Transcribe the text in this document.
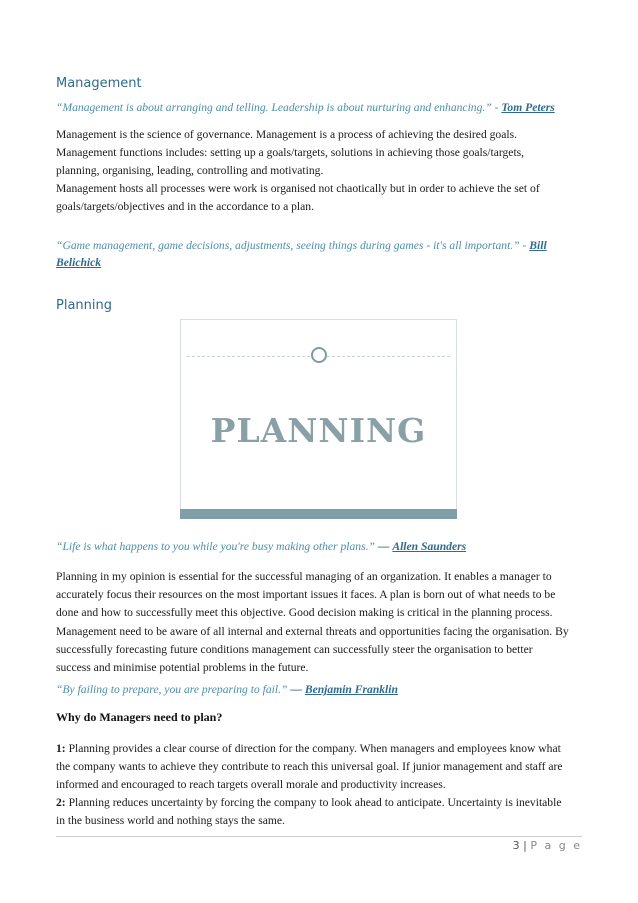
Management
“Management is about arranging and telling. Leadership is about nurturing and enhancing.” - Tom Peters
Management is the science of governance. Management is a process of achieving the desired goals.
Management functions includes: setting up a goals/targets, solutions in achieving those goals/targets,
planning, organising, leading, controlling and motivating.
Management hosts all processes were work is organised not chaotically but in order to achieve the set of
goals/targets/objectives and in the accordance to a plan.
“Game management, game decisions, adjustments, seeing things during games - it's all important.” - Bill
Belichick
Planning
PLANNING
“Life is what happens to you while you're busy making other plans.” — Allen Saunders
Planning in my opinion is essential for the successful managing of an organization. It enables a manager to
accurately focus their resources on the most important issues it faces. A plan is born out of what needs to be
done and how to successfully meet this objective. Good decision making is critical in the planning process.
Management need to be aware of all internal and external threats and opportunities facing the organisation. By
successfully forecasting future conditions management can successfully steer the organisation to better
success and minimise potential problems in the future.
“By failing to prepare, you are preparing to fail.” — Benjamin Franklin
Why do Managers need to plan?
1: Planning provides a clear course of direction for the company. When managers and employees know what
the company wants to achieve they contribute to reach this universal goal. If junior management and staff are
informed and encouraged to reach targets overall morale and productivity increases.
2: Planning reduces uncertainty by forcing the company to look ahead to anticipate. Uncertainty is inevitable
in the business world and nothing stays the same.
3 | P a g e
